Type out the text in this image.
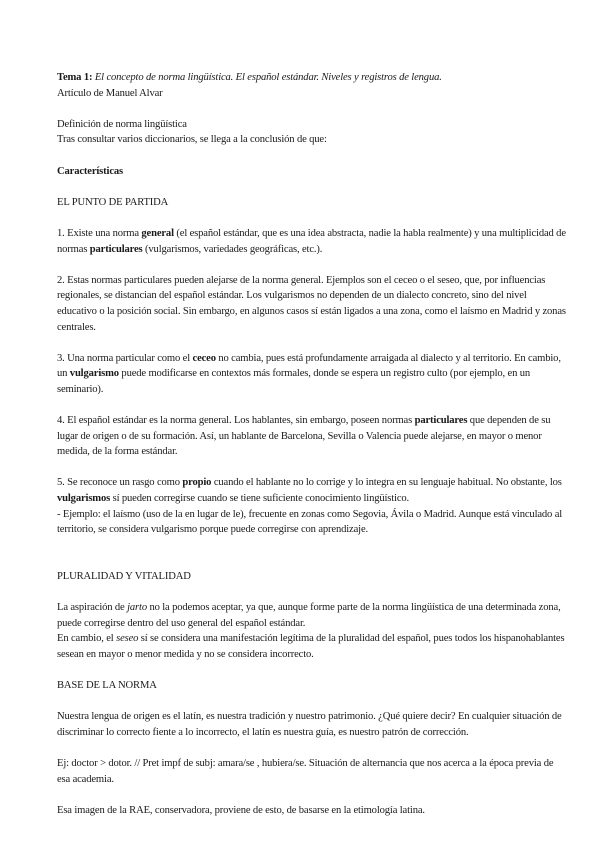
Tema 1: El concepto de norma lingüística. El español estándar. Niveles y registros de lengua.

Artículo de Manuel Alvar

Definición de norma lingüística

Tras consultar varios diccionarios, se llega a la conclusión de que:

Características

EL PUNTO DE PARTIDA

1. Existe una norma general (el español estándar, que es una idea abstracta, nadie la habla realmente) y una multiplicidad de normas particulares (vulgarismos, variedades geográficas, etc.).

2. Estas normas particulares pueden alejarse de la norma general. Ejemplos son el ceceo o el seseo, que, por influencias regionales, se distancian del español estándar. Los vulgarismos no dependen de un dialecto concreto, sino del nivel educativo o la posición social. Sin embargo, en algunos casos sí están ligados a una zona, como el laísmo en Madrid y zonas centrales.

3. Una norma particular como el ceceo no cambia, pues está profundamente arraigada al dialecto y al territorio. En cambio, un vulgarismo puede modificarse en contextos más formales, donde se espera un registro culto (por ejemplo, en un seminario).

4. El español estándar es la norma general. Los hablantes, sin embargo, poseen normas particulares que dependen de su lugar de origen o de su formación. Así, un hablante de Barcelona, Sevilla o Valencia puede alejarse, en mayor o menor medida, de la forma estándar.

5. Se reconoce un rasgo como propio cuando el hablante no lo corrige y lo integra en su lenguaje habitual. No obstante, los vulgarismos sí pueden corregirse cuando se tiene suficiente conocimiento lingüístico.

- Ejemplo: el laísmo (uso de la en lugar de le), frecuente en zonas como Segovia, Ávila o Madrid. Aunque está vinculado al territorio, se considera vulgarismo porque puede corregirse con aprendizaje.

PLURALIDAD Y VITALIDAD

La aspiración de jarto no la podemos aceptar, ya que, aunque forme parte de la norma lingüística de una determinada zona, puede corregirse dentro del uso general del español estándar.

En cambio, el seseo sí se considera una manifestación legítima de la pluralidad del español, pues todos los hispanohablantes sesean en mayor o menor medida y no se considera incorrecto.

BASE DE LA NORMA

Nuestra lengua de origen es el latín, es nuestra tradición y nuestro patrimonio. ¿Qué quiere decir? En cualquier situación de discriminar lo correcto fiente a lo incorrecto, el latín es nuestra guía, es nuestro patrón de corrección.

Ej: doctor > dotor. // Pret impf de subj: amara/se , hubiera/se. Situación de alternancia que nos acerca a la época previa de esa academia.

Esa imagen de la RAE, conservadora, proviene de esto, de basarse en la etimología latina.
